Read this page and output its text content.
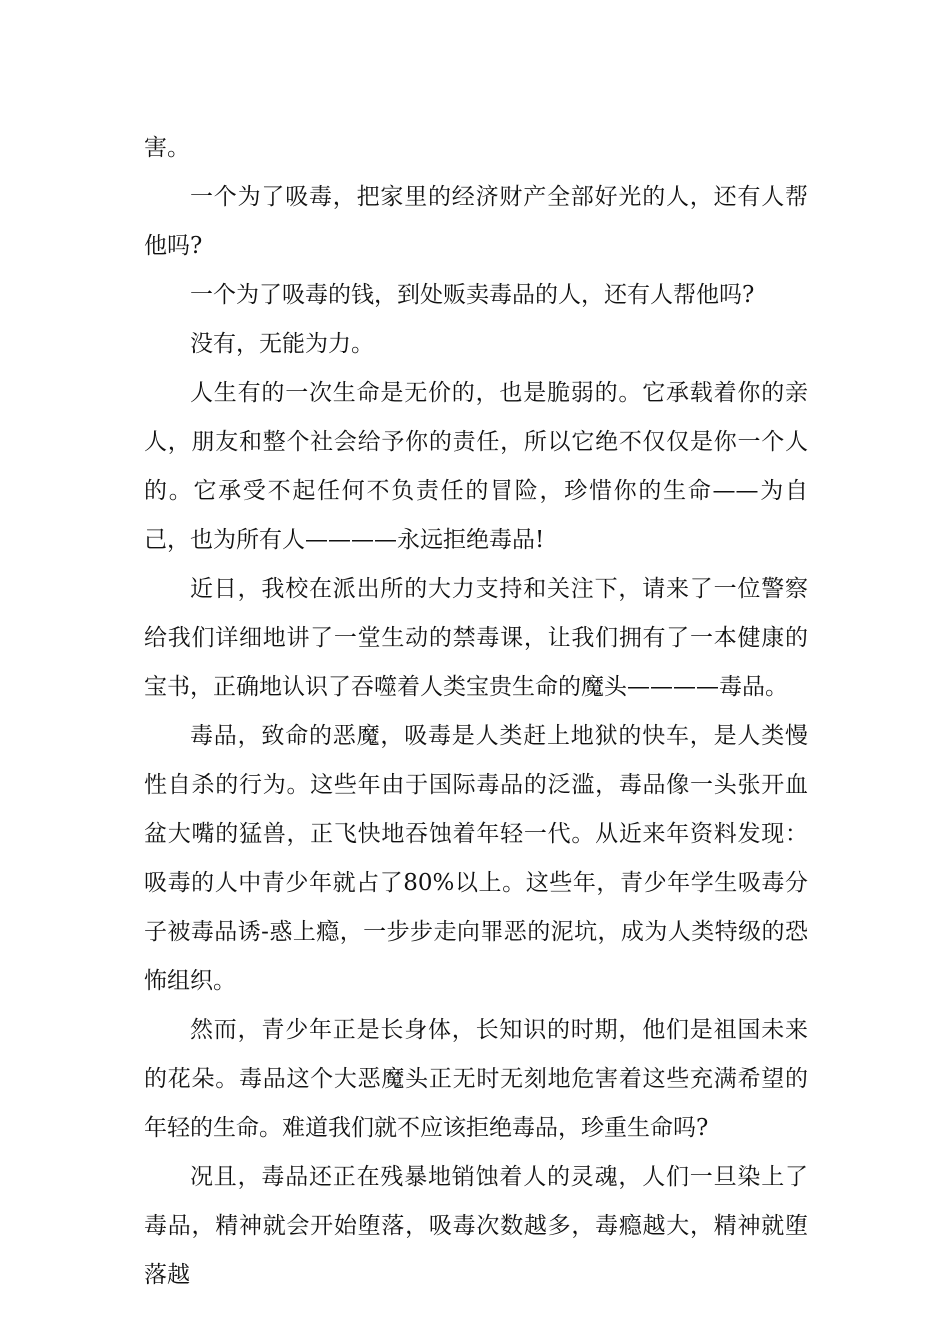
害。

一个为了吸毒，把家里的经济财产全部好光的人，还有人帮他吗?

一个为了吸毒的钱，到处贩卖毒品的人，还有人帮他吗?

没有，无能为力。

人生有的一次生命是无价的，也是脆弱的。它承载着你的亲人，朋友和整个社会给予你的责任，所以它绝不仅仅是你一个人的。它承受不起任何不负责任的冒险，珍惜你的生命——为自己，也为所有人————永远拒绝毒品!

近日，我校在派出所的大力支持和关注下，请来了一位警察给我们详细地讲了一堂生动的禁毒课，让我们拥有了一本健康的宝书，正确地认识了吞噬着人类宝贵生命的魔头————毒品。

毒品，致命的恶魔，吸毒是人类赶上地狱的快车，是人类慢性自杀的行为。这些年由于国际毒品的泛滥，毒品像一头张开血盆大嘴的猛兽，正飞快地吞蚀着年轻一代。从近来年资料发现：吸毒的人中青少年就占了80%以上。这些年，青少年学生吸毒分子被毒品诱-惑上瘾，一步步走向罪恶的泥坑，成为人类特级的恐怖组织。

然而，青少年正是长身体，长知识的时期，他们是祖国未来的花朵。毒品这个大恶魔头正无时无刻地危害着这些充满希望的年轻的生命。难道我们就不应该拒绝毒品，珍重生命吗?

况且，毒品还正在残暴地销蚀着人的灵魂，人们一旦染上了毒品，精神就会开始堕落，吸毒次数越多，毒瘾越大，精神就堕落越
